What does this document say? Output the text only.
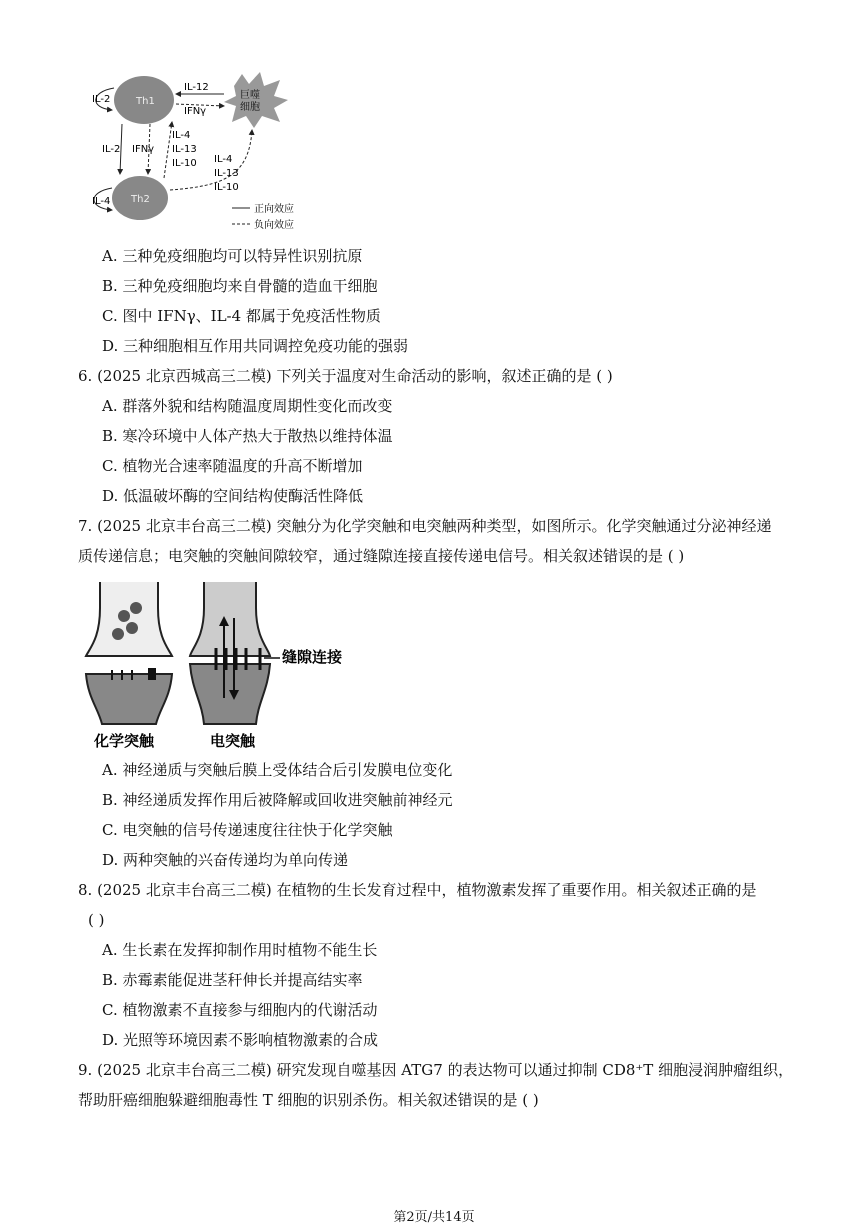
Th1
Th2
巨噬
细胞
IL-2
IL-4
IL-12
IFNγ
IL-2 IFNγ
IL-4
IL-13
IL-10 IL-4
IL-13
IL-10
正向效应
负向效应
A. 三种免疫细胞均可以特异性识别抗原
B. 三种免疫细胞均来自骨髓的造血干细胞
C. 图中 IFNγ、IL-4 都属于免疫活性物质
D. 三种细胞相互作用共同调控免疫功能的强弱
6. (2025 北京西城高三二模) 下列关于温度对生命活动的影响，叙述正确的是 ( )
A. 群落外貌和结构随温度周期性变化而改变
B. 寒冷环境中人体产热大于散热以维持体温
C. 植物光合速率随温度的升高不断增加
D. 低温破坏酶的空间结构使酶活性降低
7. (2025 北京丰台高三二模) 突触分为化学突触和电突触两种类型，如图所示。化学突触通过分泌神经递
质传递信息；电突触的突触间隙较窄，通过缝隙连接直接传递电信号。相关叙述错误的是 ( )
化学突触
缝隙连接
电突触
A. 神经递质与突触后膜上受体结合后引发膜电位变化
B. 神经递质发挥作用后被降解或回收进突触前神经元
C. 电突触的信号传递速度往往快于化学突触
D. 两种突触的兴奋传递均为单向传递
8. (2025 北京丰台高三二模) 在植物的生长发育过程中，植物激素发挥了重要作用。相关叙述正确的是
( )
A. 生长素在发挥抑制作用时植物不能生长
B. 赤霉素能促进茎秆伸长并提高结实率
C. 植物激素不直接参与细胞内的代谢活动
D. 光照等环境因素不影响植物激素的合成
9. (2025 北京丰台高三二模) 研究发现自噬基因 ATG7 的表达物可以通过抑制 CD8⁺T 细胞浸润肿瘤组织，
帮助肝癌细胞躲避细胞毒性 T 细胞的识别杀伤。相关叙述错误的是 ( )
第2页/共14页
